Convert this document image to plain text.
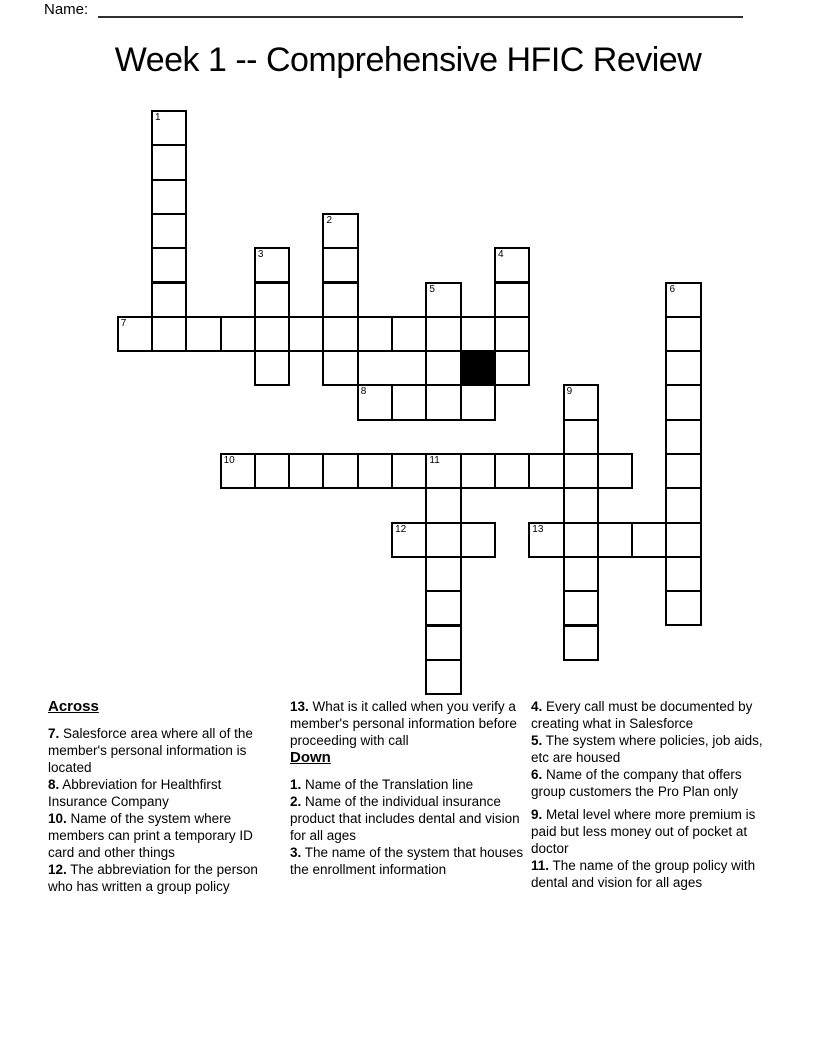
Name:
Week 1 -- Comprehensive HFIC Review
1
2
3	4
5	6
7
8	9
10	11
12	13
Across

7. Salesforce area where all of the member's personal information is located

8. Abbreviation for Healthfirst Insurance Company

10. Name of the system where members can print a temporary ID card and other things

12. The abbreviation for the person who has written a group policy

13. What is it called when you verify a member's personal information before proceeding with call

Down

1. Name of the Translation line

2. Name of the individual insurance product that includes dental and vision for all ages

3. The name of the system that houses the enrollment information

4. Every call must be documented by creating what in Salesforce

5. The system where policies, job aids, etc are housed

6. Name of the company that offers group customers the Pro Plan only

9. Metal level where more premium is paid but less money out of pocket at doctor

11. The name of the group policy with dental and vision for all ages
